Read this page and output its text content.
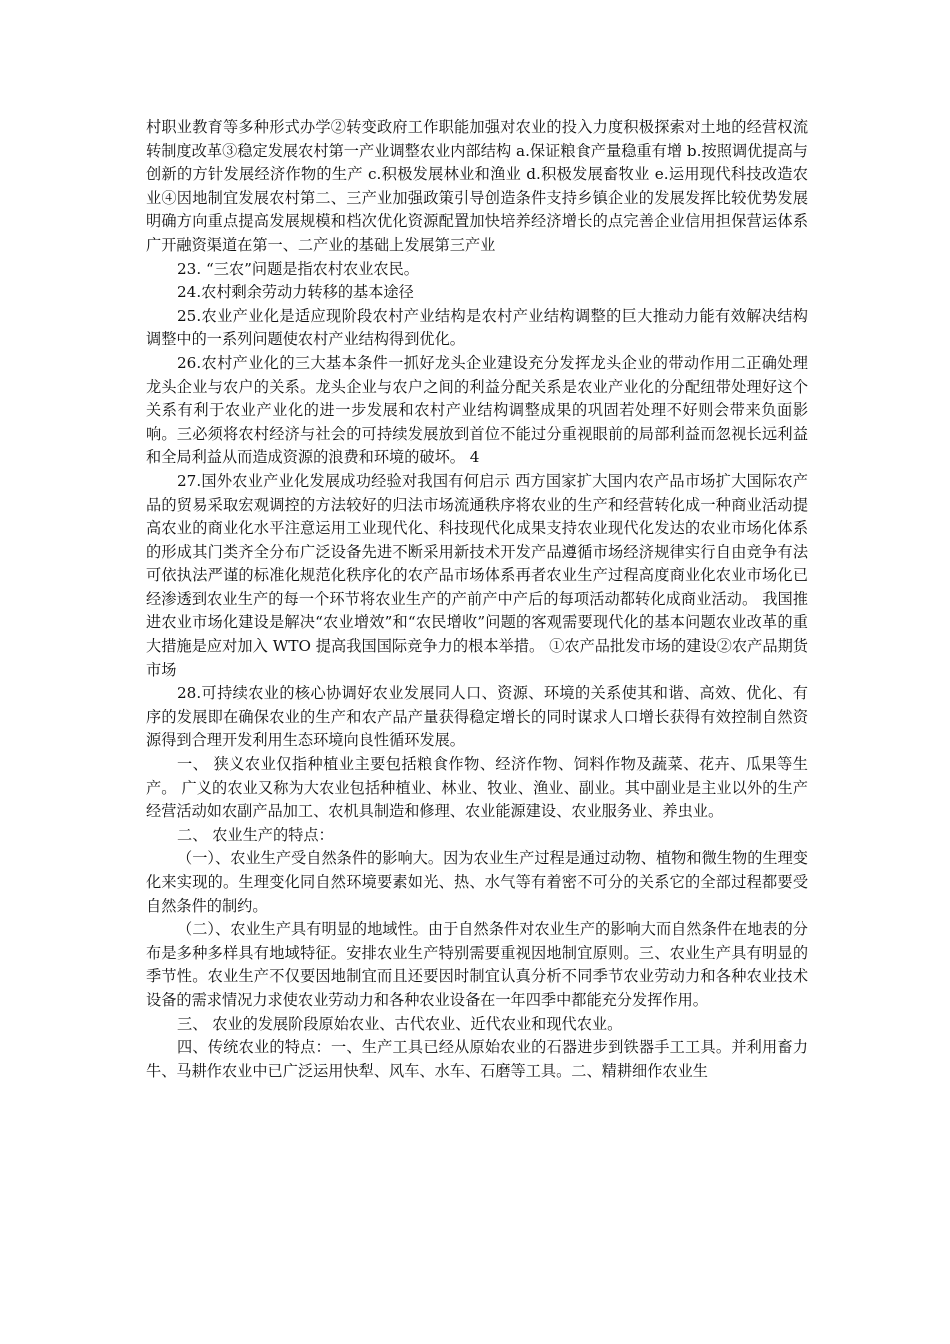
村职业教育等多种形式办学②转变政府工作职能加强对农业的投入力度积极探索对土地的经营权流转制度改革③稳定发展农村第一产业调整农业内部结构 a.保证粮食产量稳重有增 b.按照调优提高与创新的方针发展经济作物的生产 c.积极发展林业和渔业 d.积极发展畜牧业 e.运用现代科技改造农业④因地制宜发展农村第二、三产业加强政策引导创造条件支持乡镇企业的发展发挥比较优势发展明确方向重点提高发展规模和档次优化资源配置加快培养经济增长的点完善企业信用担保营运体系广开融资渠道在第一、二产业的基础上发展第三产业

23. “三农”问题是指农村农业农民。

24.农村剩余劳动力转移的基本途径

25.农业产业化是适应现阶段农村产业结构是农村产业结构调整的巨大推动力能有效解决结构调整中的一系列问题使农村产业结构得到优化。

26.农村产业化的三大基本条件一抓好龙头企业建设充分发挥龙头企业的带动作用二正确处理龙头企业与农户的关系。龙头企业与农户之间的利益分配关系是农业产业化的分配纽带处理好这个关系有利于农业产业化的进一步发展和农村产业结构调整成果的巩固若处理不好则会带来负面影响。三必须将农村经济与社会的可持续发展放到首位不能过分重视眼前的局部利益而忽视长远利益和全局利益从而造成资源的浪费和环境的破坏。 4

27.国外农业产业化发展成功经验对我国有何启示 西方国家扩大国内农产品市场扩大国际农产品的贸易采取宏观调控的方法较好的归法市场流通秩序将农业的生产和经营转化成一种商业活动提高农业的商业化水平注意运用工业现代化、科技现代化成果支持农业现代化发达的农业市场化体系的形成其门类齐全分布广泛设备先进不断采用新技术开发产品遵循市场经济规律实行自由竞争有法可依执法严谨的标准化规范化秩序化的农产品市场体系再者农业生产过程高度商业化农业市场化已经渗透到农业生产的每一个环节将农业生产的产前产中产后的每项活动都转化成商业活动。 我国推进农业市场化建设是解决“农业增效”和“农民增收”问题的客观需要现代化的基本问题农业改革的重大措施是应对加入 WTO 提高我国国际竞争力的根本举措。 ①农产品批发市场的建设②农产品期货市场

28.可持续农业的核心协调好农业发展同人口、资源、环境的关系使其和谐、高效、优化、有序的发展即在确保农业的生产和农产品产量获得稳定增长的同时谋求人口增长获得有效控制自然资源得到合理开发利用生态环境向良性循环发展。

一、 狭义农业仅指种植业主要包括粮食作物、经济作物、饲料作物及蔬菜、花卉、瓜果等生产。 广义的农业又称为大农业包括种植业、林业、牧业、渔业、副业。其中副业是主业以外的生产经营活动如农副产品加工、农机具制造和修理、农业能源建设、农业服务业、养虫业。

二、 农业生产的特点：

（一）、农业生产受自然条件的影响大。因为农业生产过程是通过动物、植物和微生物的生理变化来实现的。生理变化同自然环境要素如光、热、水气等有着密不可分的关系它的全部过程都要受自然条件的制约。

（二）、农业生产具有明显的地域性。由于自然条件对农业生产的影响大而自然条件在地表的分布是多种多样具有地域特征。安排农业生产特别需要重视因地制宜原则。三、农业生产具有明显的季节性。农业生产不仅要因地制宜而且还要因时制宜认真分析不同季节农业劳动力和各种农业技术设备的需求情况力求使农业劳动力和各种农业设备在一年四季中都能充分发挥作用。

三、 农业的发展阶段原始农业、古代农业、近代农业和现代农业。

四、传统农业的特点：一、生产工具已经从原始农业的石器进步到铁器手工工具。并利用畜力牛、马耕作农业中已广泛运用快犁、风车、水车、石磨等工具。二、精耕细作农业生
